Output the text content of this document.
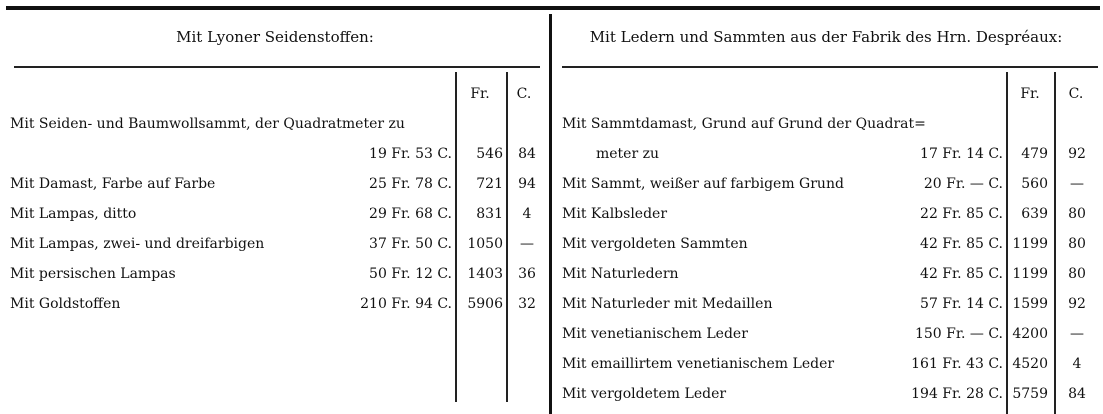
Mit Lyoner Seidenstoffen:
Fr.	C.
Mit Seiden- und Baumwollsammt, der Quadratmeter zu
19 Fr. 53 C. 546	84
Mit Damast, Farbe auf Farbe	25 Fr. 78 C. 721	94
Mit Lampas, ditto	29 Fr. 68 C. 831	4
Mit Lampas, zwei- und dreifarbigen	37 Fr. 50 C. 1050	—
Mit persischen Lampas	50 Fr. 12 C. 1403	36
Mit Goldstoffen	210 Fr. 94 C. 5906	32
Mit Ledern und Sammten aus der Fabrik des Hrn. Despréaux:
Fr.	C.
Mit Sammtdamast, Grund auf Grund der Quadrat=
meter zu	17 Fr. 14 C. 479	92
Mit Sammt, weißer auf farbigem Grund	20 Fr. — C. 560	—
Mit Kalbsleder	22 Fr. 85 C. 639	80
Mit vergoldeten Sammten	42 Fr. 85 C. 1199	80
Mit Naturledern	42 Fr. 85 C. 1199	80
Mit Naturleder mit Medaillen	57 Fr. 14 C. 1599	92
Mit venetianischem Leder	150 Fr. — C. 4200	—
Mit emaillirtem venetianischem Leder	161 Fr. 43 C. 4520	4
Mit vergoldetem Leder	194 Fr. 28 C. 5759	84
